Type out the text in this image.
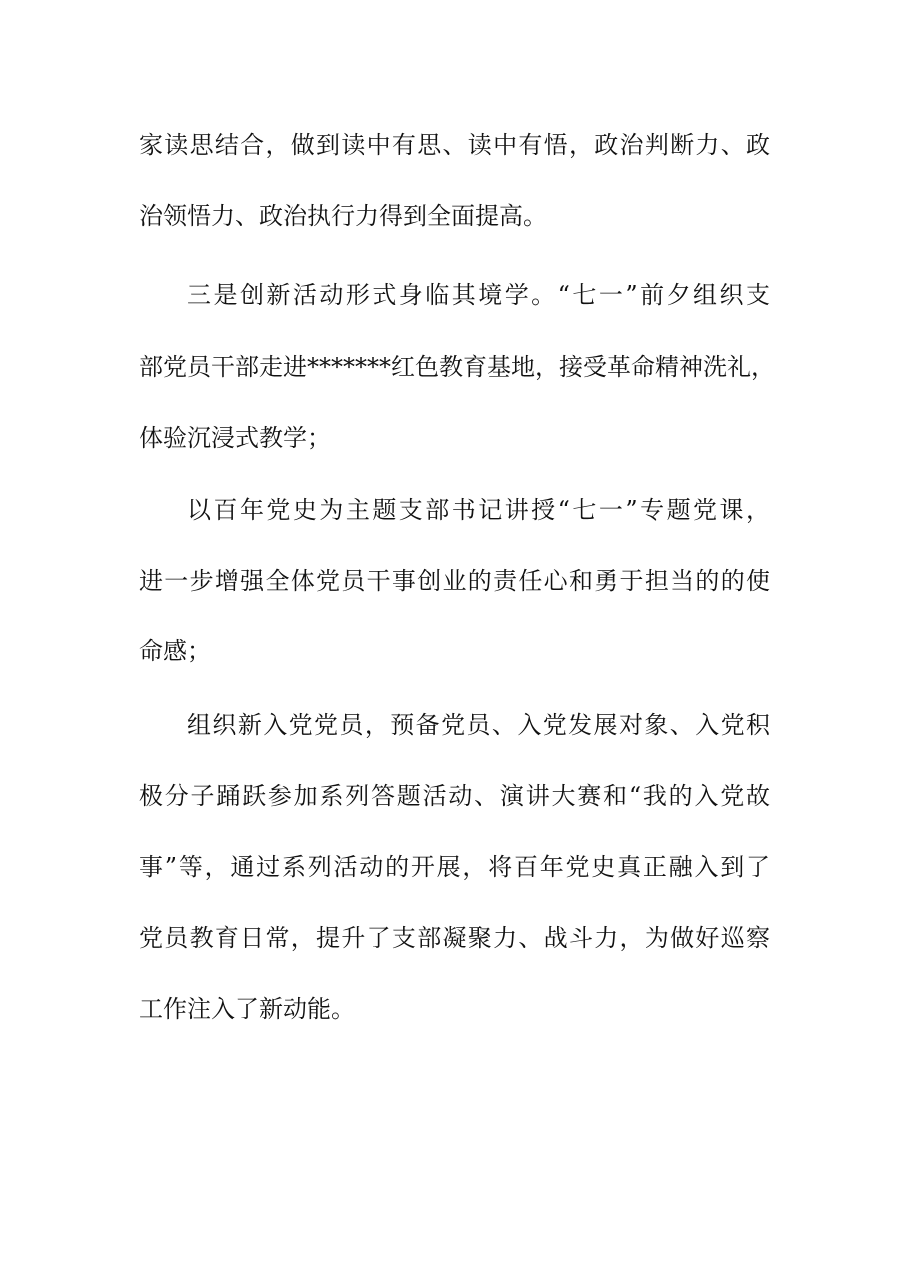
家读思结合，做到读中有思、读中有悟，政治判断力、政
治领悟力、政治执行力得到全面提高。
三是创新活动形式身临其境学。“七一”前夕组织支
部党员干部走进*******红色教育基地，接受革命精神洗礼，
体验沉浸式教学；
以百年党史为主题支部书记讲授“七一”专题党课，
进一步增强全体党员干事创业的责任心和勇于担当的的使
命感；
组织新入党党员，预备党员、入党发展对象、入党积
极分子踊跃参加系列答题活动、演讲大赛和“我的入党故
事”等，通过系列活动的开展，将百年党史真正融入到了
党员教育日常，提升了支部凝聚力、战斗力，为做好巡察
工作注入了新动能。
